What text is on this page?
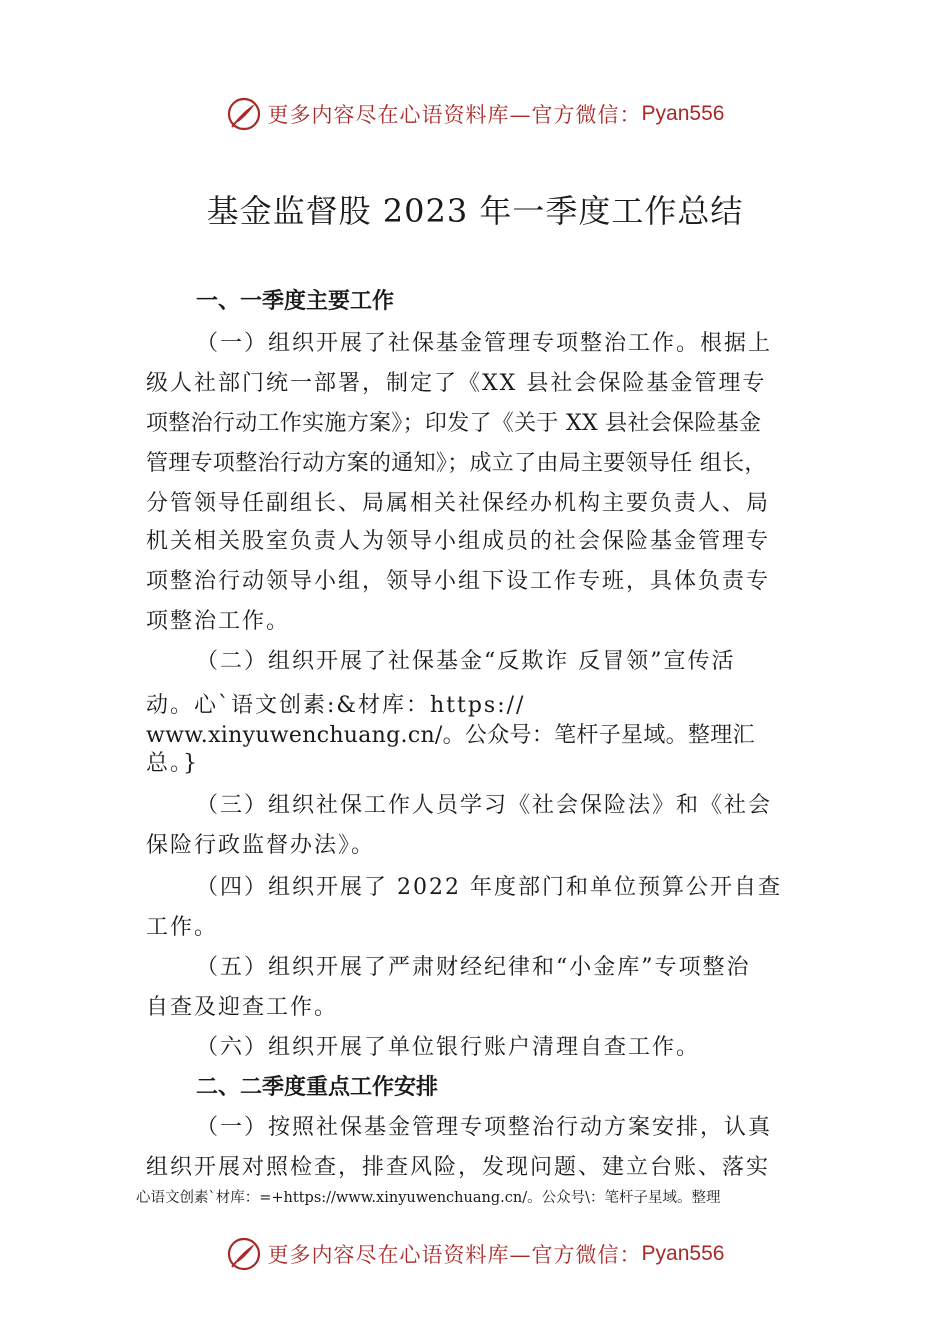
更多内容尽在心语资料库—官方微信： Pyan556
基金监督股 2023 年一季度工作总结
一、一季度主要工作
（一）组织开展了社保基金管理专项整治工作。根据上
级人社部门统一部署，制定了《XX 县社会保险基金管理专
项整治行动工作实施方案》；印发了《关于 XX 县社会保险基金
管理专项整治行动方案的通知》；成立了由局主要领导任 组长，
分管领导任副组长、局属相关社保经办机构主要负责人、局
机关相关股室负责人为领导小组成员的社会保险基金管理专
项整治行动领导小组，领导小组下设工作专班，具体负责专
项整治工作。
（二）组织开展了社保基金“反欺诈 反冒领”宣传活
动。心`语文创素:&材库：https://
www.xinyuwenchuang.cn/。公众号：笔杆子星域。整理汇
总。}
（三）组织社保工作人员学习《社会保险法》和《社会
保险行政监督办法》。
（四）组织开展了 2022 年度部门和单位预算公开自查
工作。
（五）组织开展了严肃财经纪律和“小金库”专项整治
自查及迎查工作。
（六）组织开展了单位银行账户清理自查工作。
二、二季度重点工作安排
（一）按照社保基金管理专项整治行动方案安排，认真
组织开展对照检查，排查风险，发现问题、建立台账、落实
心语文创素`材库：=+https://www.xinyuwenchuang.cn/。公众号\：笔杆子星域。整理
更多内容尽在心语资料库—官方微信： Pyan556
